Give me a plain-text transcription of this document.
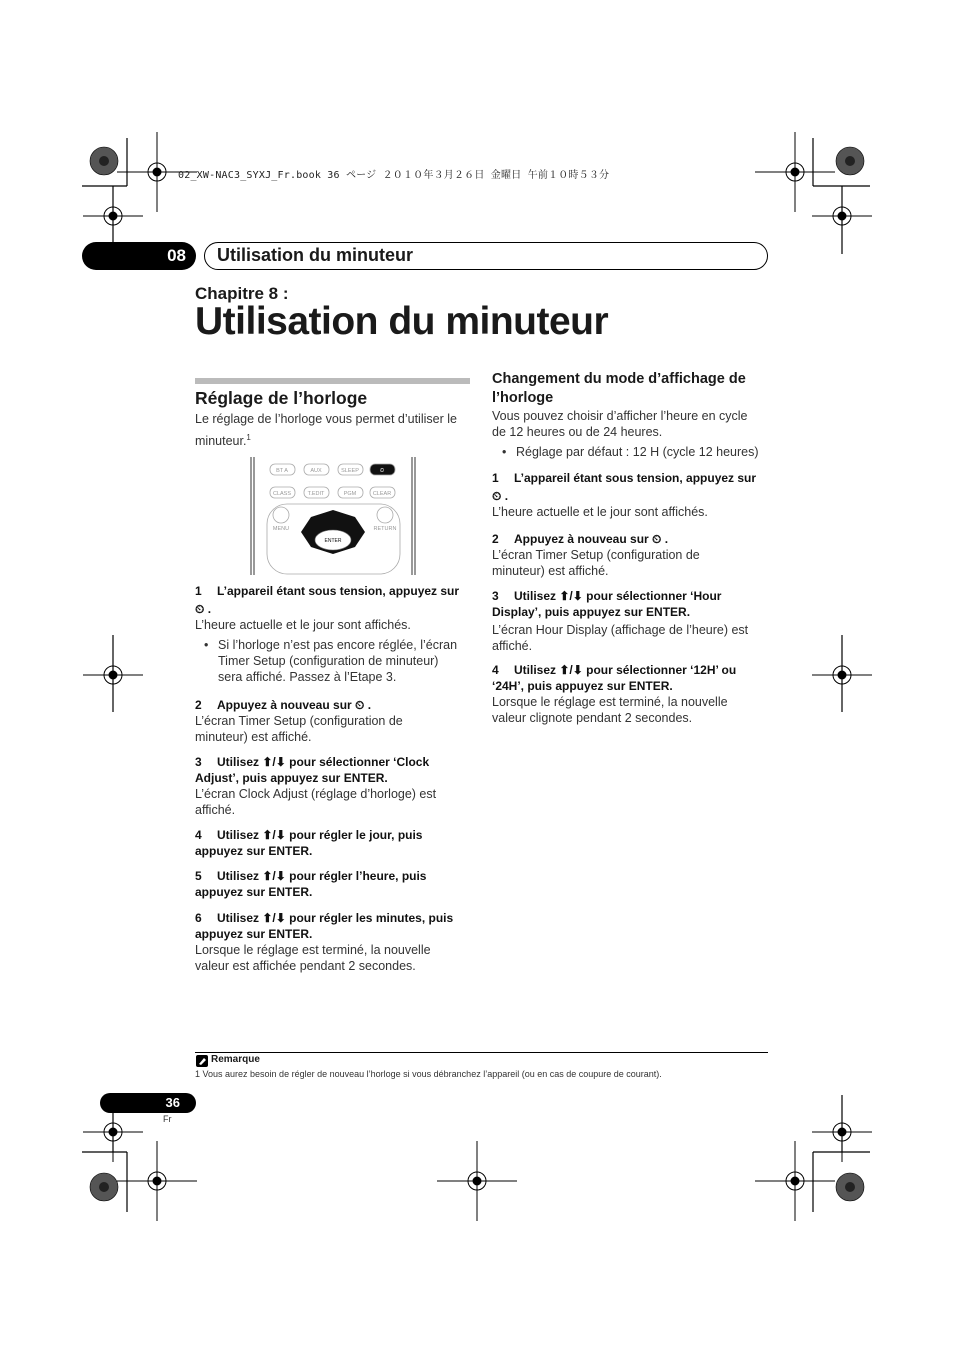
02_XW-NAC3_SYXJ_Fr.book 36 ページ ２０１０年３月２６日 金曜日 午前１０時５３分
08	Utilisation du minuteur
Chapitre 8 :
Utilisation du minuteur
Réglage de l’horloge
Le réglage de l’horloge vous permet d’utiliser le
minuteur.$^1$
BT A	AUX	SLEEP	⏲
CLASS	T.EDIT	PGM	CLEAR
MENU	RETURN
ENTER
1 L’appareil étant sous tension, appuyez sur
⏲ .
L’heure actuelle et le jour sont affichés.
• Si l’horloge n’est pas encore réglée, l’écran
Timer Setup (configuration de minuteur)
sera affiché. Passez à l’Etape 3.
2 Appuyez à nouveau sur ⏲ .
L’écran Timer Setup (configuration de
minuteur) est affiché.
3 Utilisez ⬆/⬇ pour sélectionner ‘Clock
Adjust’, puis appuyez sur ENTER.
L’écran Clock Adjust (réglage d’horloge) est
affiché.
4 Utilisez ⬆/⬇ pour régler le jour, puis
appuyez sur ENTER.
5 Utilisez ⬆/⬇ pour régler l’heure, puis
appuyez sur ENTER.
6 Utilisez ⬆/⬇ pour régler les minutes, puis
appuyez sur ENTER.
Lorsque le réglage est terminé, la nouvelle
valeur est affichée pendant 2 secondes.
Changement du mode d’affichage de
l’horloge
Vous pouvez choisir d’afficher l’heure en cycle
de 12 heures ou de 24 heures.
• Réglage par défaut : 12 H (cycle 12 heures)
1 L’appareil étant sous tension, appuyez sur
⏲ .
L’heure actuelle et le jour sont affichés.
2 Appuyez à nouveau sur ⏲ .
L’écran Timer Setup (configuration de
minuteur) est affiché.
3 Utilisez ⬆/⬇ pour sélectionner ‘Hour
Display’, puis appuyez sur ENTER.
L’écran Hour Display (affichage de l’heure) est
affiché.
4 Utilisez ⬆/⬇ pour sélectionner ‘12H’ ou
‘24H’, puis appuyez sur ENTER.
Lorsque le réglage est terminé, la nouvelle
valeur clignote pendant 2 secondes.
Remarque
1 Vous aurez besoin de régler de nouveau l’horloge si vous débranchez l’appareil (ou en cas de coupure de courant).
36
Fr
